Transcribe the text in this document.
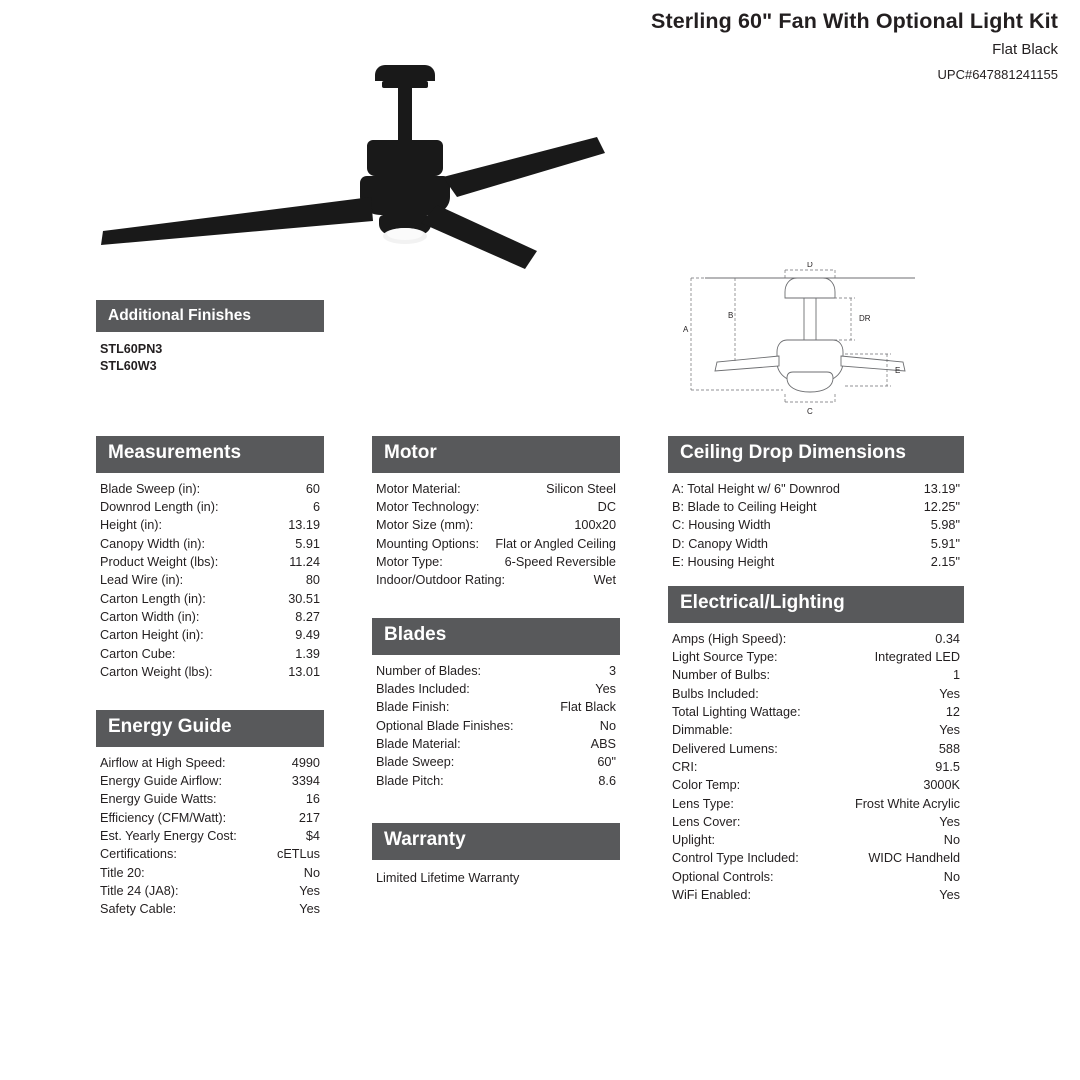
Sterling 60" Fan With Optional Light Kit
Flat Black
UPC#647881241155
A
B
D
DR
C
E
Additional Finishes
STL60PN3
STL60W3
Measurements
Blade Sweep (in):	60
Downrod Length (in):	6
Height (in):	13.19
Canopy Width (in):	5.91
Product Weight (lbs):	11.24
Lead Wire (in):	80
Carton Length (in):	30.51
Carton Width (in):	8.27
Carton Height (in):	9.49
Carton Cube:	1.39
Carton Weight (lbs):	13.01
Energy Guide
Airflow at High Speed:	4990
Energy Guide Airflow:	3394
Energy Guide Watts:	16
Efficiency (CFM/Watt):	217
Est. Yearly Energy Cost:	$4
Certifications:	cETLus
Title 20:	No
Title 24 (JA8):	Yes
Safety Cable:	Yes
Motor
Motor Material:	Silicon Steel
Motor Technology:	DC
Motor Size (mm):	100x20
Mounting Options: Flat or Angled Ceiling
Motor Type:	6-Speed Reversible
Indoor/Outdoor Rating:	Wet
Blades
Number of Blades:	3
Blades Included:	Yes
Blade Finish:	Flat Black
Optional Blade Finishes:	No
Blade Material:	ABS
Blade Sweep:	60"
Blade Pitch:	8.6
Warranty
Limited Lifetime Warranty
Ceiling Drop Dimensions
A: Total Height w/ 6" Downrod	13.19"
B: Blade to Ceiling Height	12.25"
C: Housing Width	5.98"
D: Canopy Width	5.91"
E: Housing Height	2.15"
Electrical/Lighting
Amps (High Speed):	0.34
Light Source Type:	Integrated LED
Number of Bulbs:	1
Bulbs Included:	Yes
Total Lighting Wattage:	12
Dimmable:	Yes
Delivered Lumens:	588
CRI:	91.5
Color Temp:	3000K
Lens Type:	Frost White Acrylic
Lens Cover:	Yes
Uplight:	No
Control Type Included:	WIDC Handheld
Optional Controls:	No
WiFi Enabled:	Yes
